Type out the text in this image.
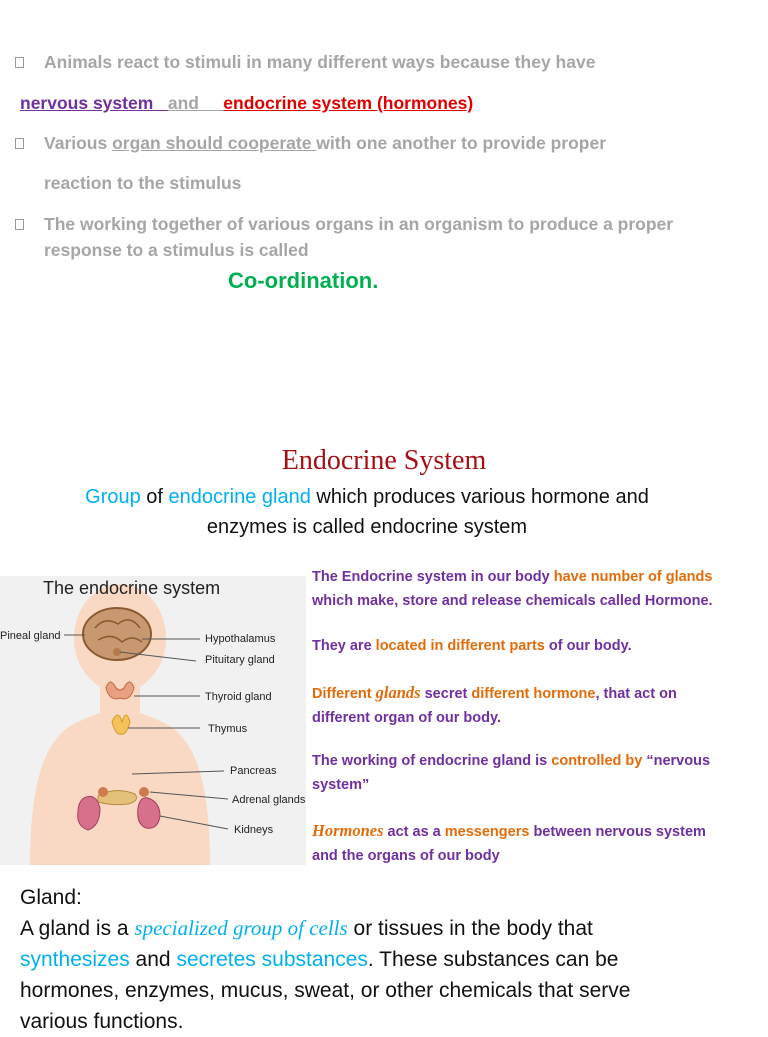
Animals react to stimuli in many different ways because they have
nervous system and endocrine system (hormones)
Various organ should cooperate with one another to provide proper
reaction to the stimulus
The working together of various organs in an organism to produce a proper
response to a stimulus is called
Co-ordination.
Endocrine System
Group of endocrine gland which produces various hormone and
enzymes is called endocrine system
Pineal gland	Hypothalamus
Pituitary gland
Thyroid gland
Thymus
Pancreas
Adrenal glands
Kidneys
The endocrine system
The Endocrine system in our body have number of glands
which make, store and release chemicals called Hormone.
They are located in different parts of our body.
Different glands secret different hormone, that act on
different organ of our body.
The working of endocrine gland is controlled by “nervous
system”
Hormones act as a messengers between nervous system
and the organs of our body
Gland:
A gland is a specialized group of cells or tissues in the body that
synthesizes and secretes substances. These substances can be
hormones, enzymes, mucus, sweat, or other chemicals that serve
various functions.
